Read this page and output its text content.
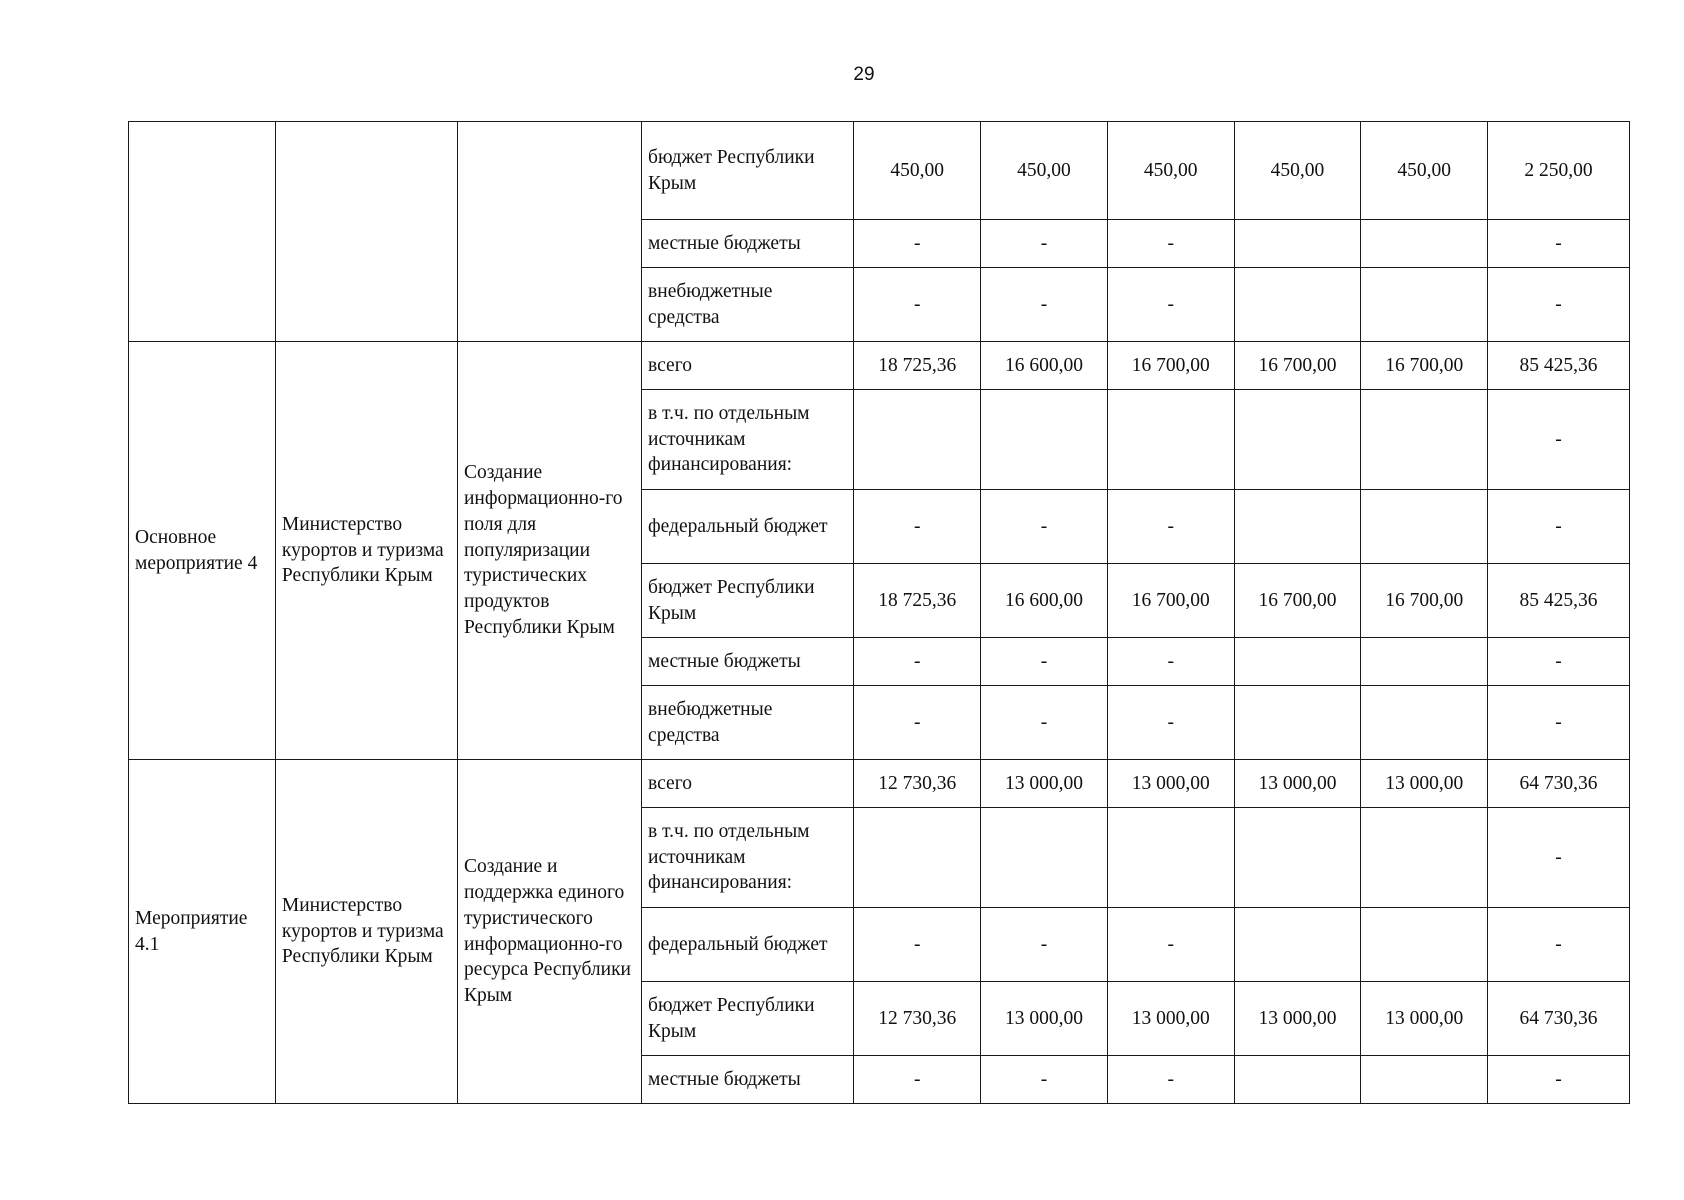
29
			бюджет Республики Крым	450,00	450,00	450,00	450,00	450,00	2 250,00
			местные бюджеты	-	-	-			-
			внебюджетные средства	-	-	-			-
Основное мероприятие 4	Министерство курортов и туризма Республики Крым	Создание информационно-го поля для популяризации туристических продуктов Республики Крым	всего	18 725,36	16 600,00	16 700,00	16 700,00	16 700,00	85 425,36
			в т.ч. по отдельным источникам финансирования:						-
			федеральный бюджет	-	-	-			-
			бюджет Республики Крым	18 725,36	16 600,00	16 700,00	16 700,00	16 700,00	85 425,36
			местные бюджеты	-	-	-			-
			внебюджетные средства	-	-	-			-
Мероприятие 4.1	Министерство курортов и туризма Республики Крым	Создание и поддержка единого туристического информационно-го ресурса Республики Крым	всего	12 730,36	13 000,00	13 000,00	13 000,00	13 000,00	64 730,36
			в т.ч. по отдельным источникам финансирования:						-
			федеральный бюджет	-	-	-			-
			бюджет Республики Крым	12 730,36	13 000,00	13 000,00	13 000,00	13 000,00	64 730,36
			местные бюджеты	-	-	-			-
